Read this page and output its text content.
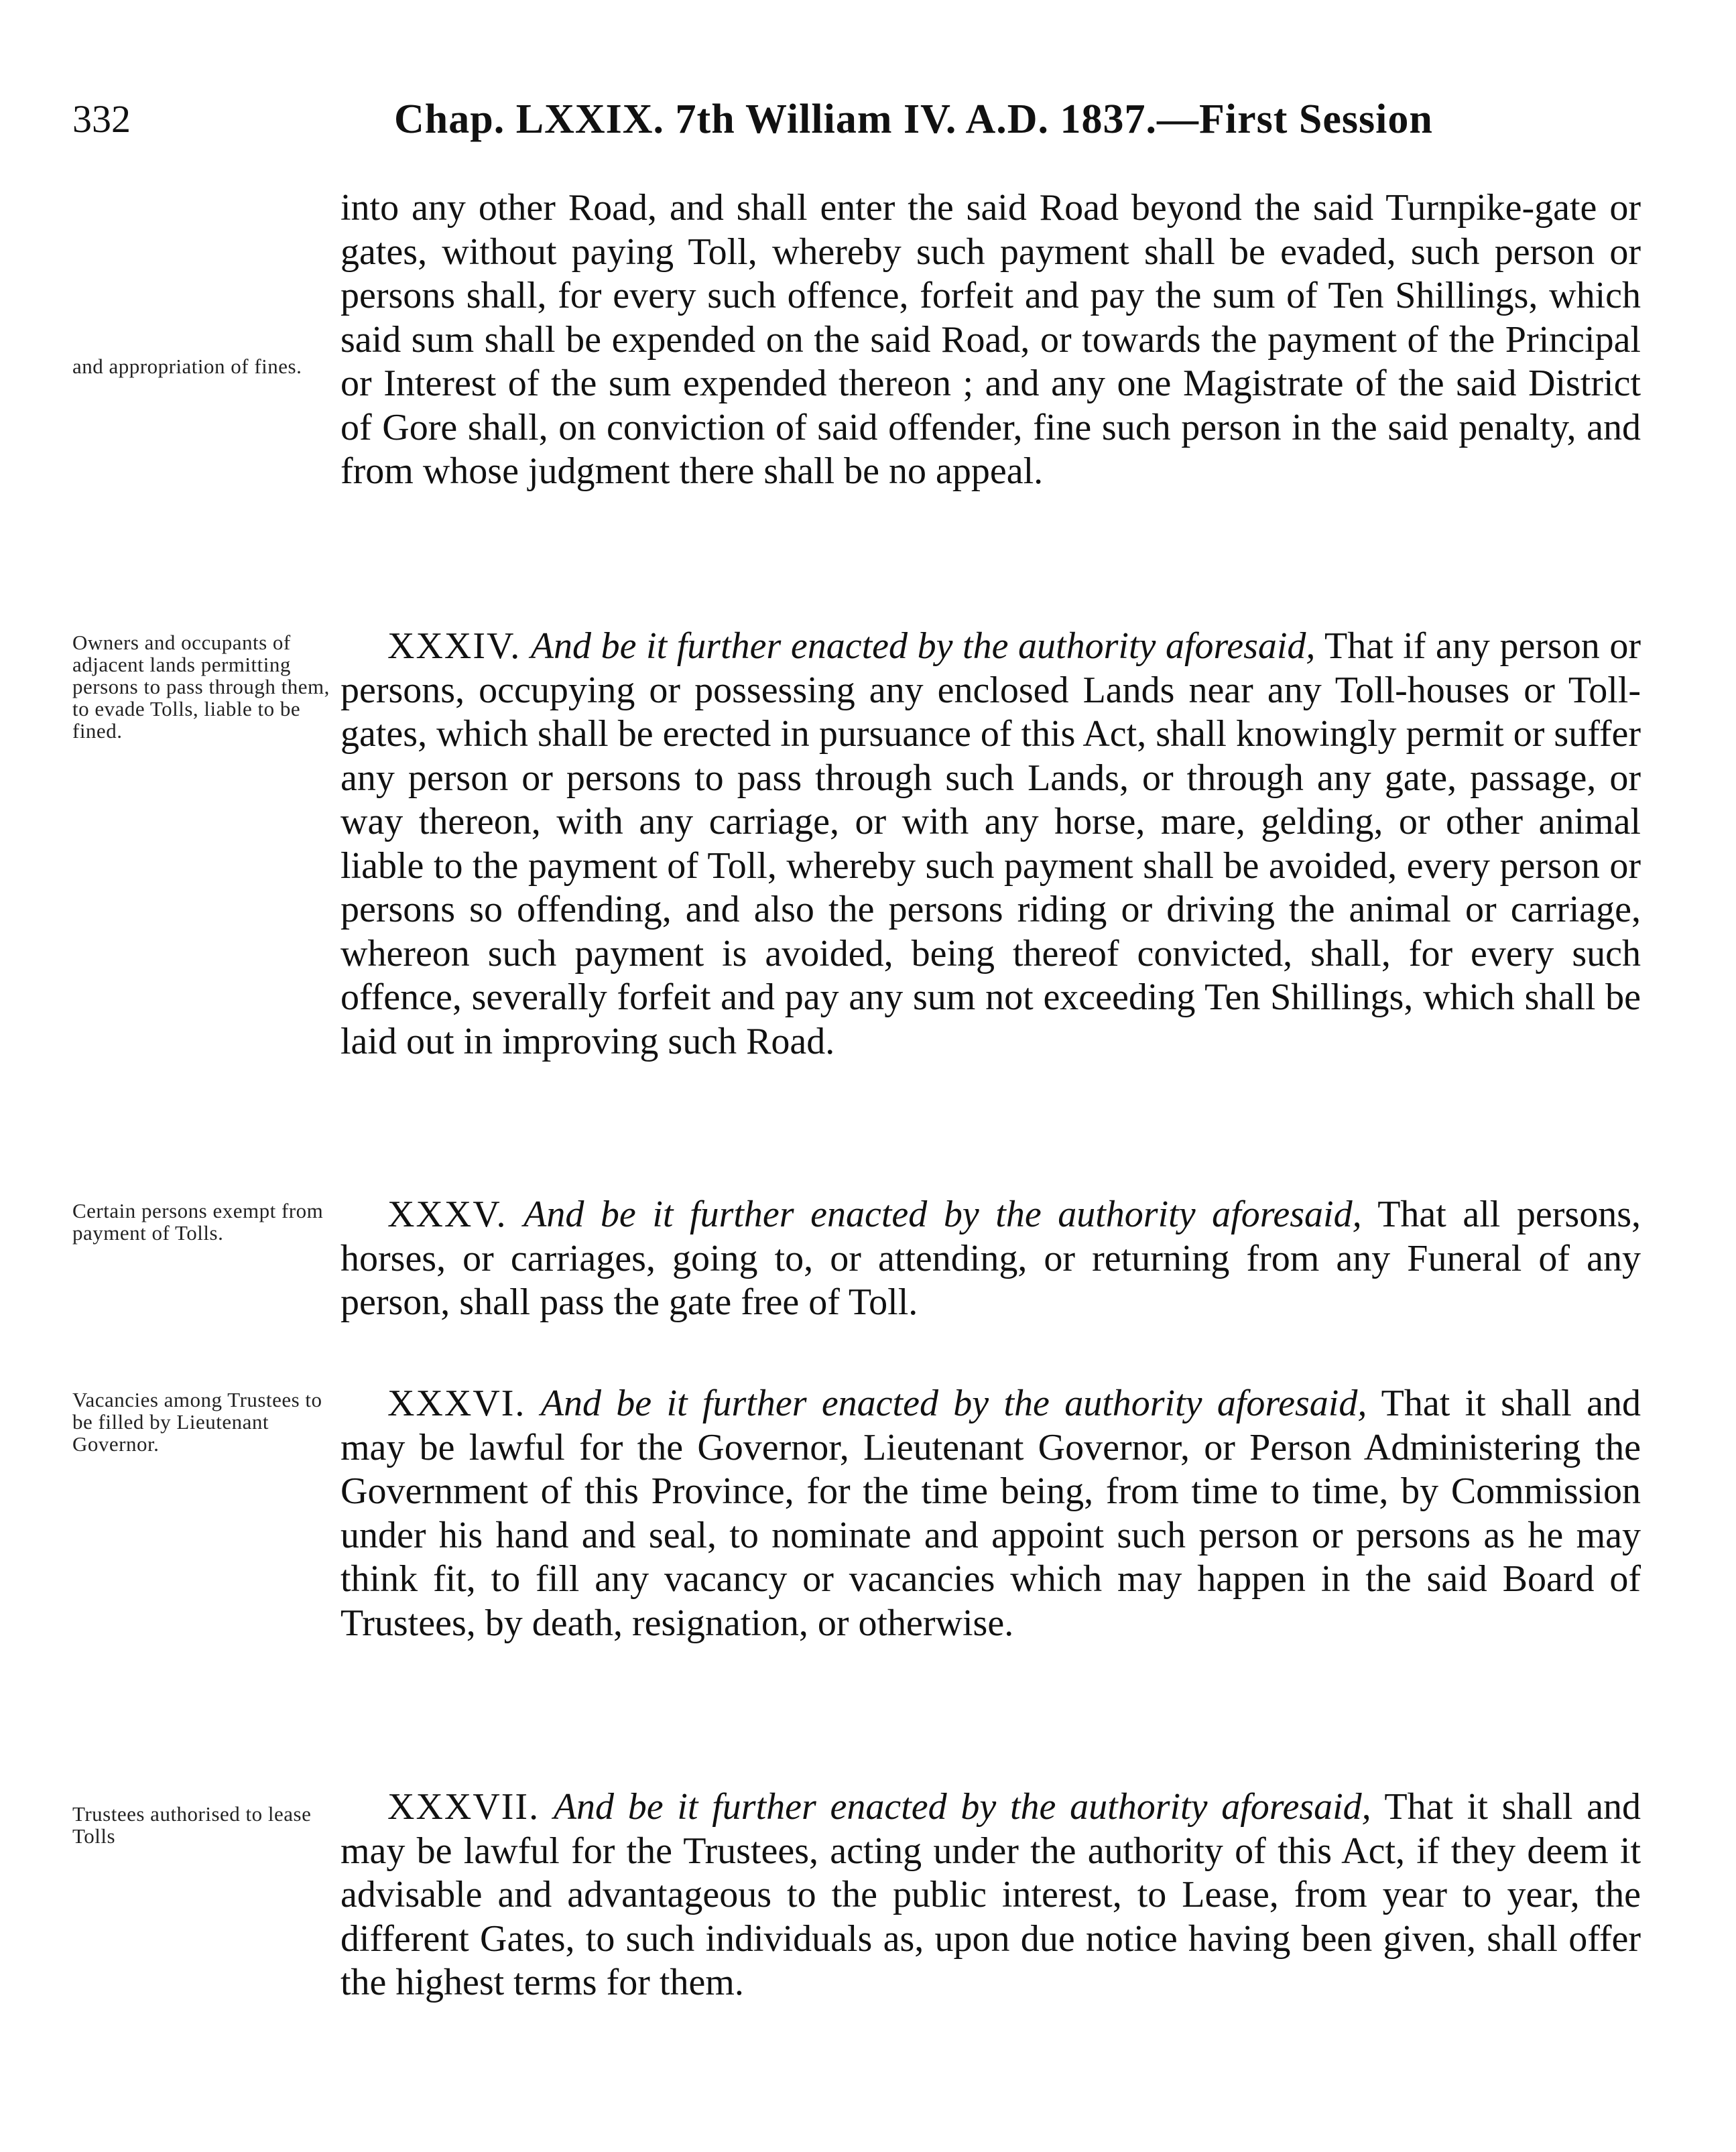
332	Chap. LXXIX. 7th William IV. A.D. 1837.—First Session
and appropriation of fines.

into any other Road, and shall enter the said Road beyond the said Turnpike-gate or gates, without paying Toll, whereby such payment shall be evaded, such person or persons shall, for every such offence, forfeit and pay the sum of Ten Shillings, which said sum shall be expended on the said Road, or towards the payment of the Principal or Interest of the sum expended thereon ; and any one Magistrate of the said District of Gore shall, on conviction of said offender, fine such person in the said penalty, and from whose judgment there shall be no appeal.

Owners and occupants of adjacent lands permitting persons to pass through them, to evade Tolls, liable to be fined.

XXXIV. And be it further enacted by the authority aforesaid, That if any person or persons, occupying or possessing any enclosed Lands near any Toll-houses or Toll-gates, which shall be erected in pursuance of this Act, shall knowingly permit or suffer any person or persons to pass through such Lands, or through any gate, passage, or way thereon, with any carriage, or with any horse, mare, gelding, or other animal liable to the payment of Toll, whereby such payment shall be avoided, every person or persons so offending, and also the persons riding or driving the animal or carriage, whereon such payment is avoided, being thereof convicted, shall, for every such offence, severally forfeit and pay any sum not exceeding Ten Shillings, which shall be laid out in improving such Road.

Certain persons exempt from payment of Tolls.	XXXV. And be it further enacted by the authority aforesaid, That all persons, horses, or carriages, going to, or attending, or returning from any Funeral of any person, shall pass the gate free of Toll.

Vacancies among Trustees to be filled by Lieutenant Governor.

XXXVI. And be it further enacted by the authority aforesaid, That it shall and may be lawful for the Governor, Lieutenant Governor, or Person Administering the Government of this Province, for the time being, from time to time, by Commission under his hand and seal, to nominate and appoint such person or persons as he may think fit, to fill any vacancy or vacancies which may happen in the said Board of Trustees, by death, resignation, or otherwise.

Trustees authorised to lease Tolls

XXXVII. And be it further enacted by the authority aforesaid, That it shall and may be lawful for the Trustees, acting under the authority of this Act, if they deem it advisable and advantageous to the public interest, to Lease, from year to year, the different Gates, to such individuals as, upon due notice having been given, shall offer the highest terms for them.
